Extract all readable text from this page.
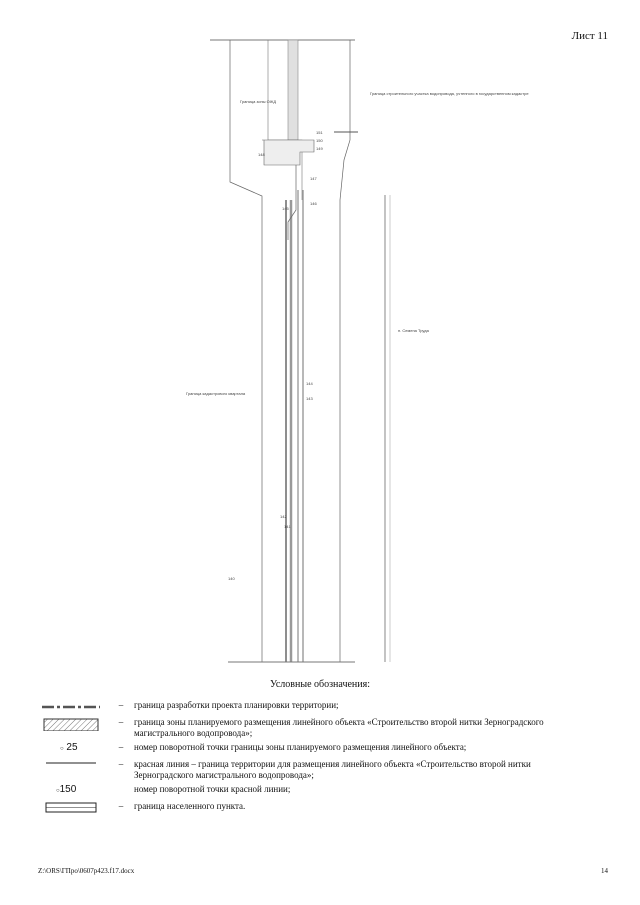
Лист 11
Граница зоны ОЖД
Граница строительного участка водопровода, учтенного в государственном кадастре
п. Семена Труда
Граница кадастрового квартала
151
150
149
148
147
146
145
144
143
142
141
140
Условные обозначения:
–	граница разработки проекта планировки территории;
–	граница зоны планируемого размещения линейного объекта «Строительство второй нитки Зерноградского магистрального водопровода»;
○ 25	–	номер поворотной точки границы зоны планируемого размещения линейного объекта;
–	красная линия – граница территории для размещения линейного объекта «Строительство второй нитки Зерноградского магистрального водопровода»;
○150	номер поворотной точки красной линии;
–	граница населенного пункта.
Z:\ORS\ГПро\0607р423.f17.docx	14
